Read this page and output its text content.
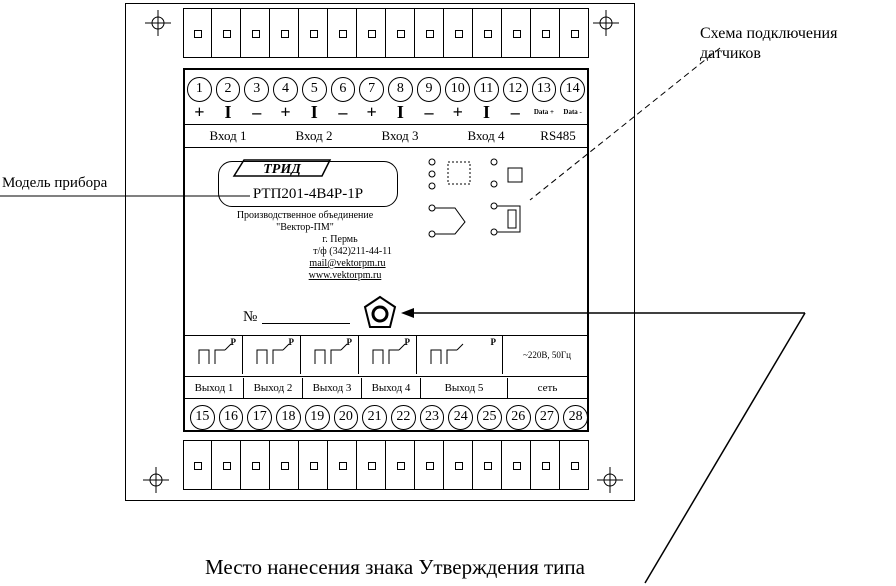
Схема подключения датчиков
Модель прибора
Место нанесения знака Утверждения типа
1	2	3	4	5	6	7	8	9	10	11	12	13	14
+	I	–	+	I	–	+	I	–	+	I	–	Data +	Data -
Вход 1	Вход 2	Вход 3	Вход 4	RS485
ТРИД
РТП201-4В4Р-1Р
Производственное объединение
"Вектор-ПМ"
г. Пермь
т/ф (342)211-44-11
mail@vektorpm.ru
www.vektorpm.ru
№
P	P	P	P	P
~220В, 50Гц
Выход 1	Выход 2	Выход 3	Выход 4	Выход 5	сеть
15	16	17	18	19	20	21	22	23	24	25	26	27	28
